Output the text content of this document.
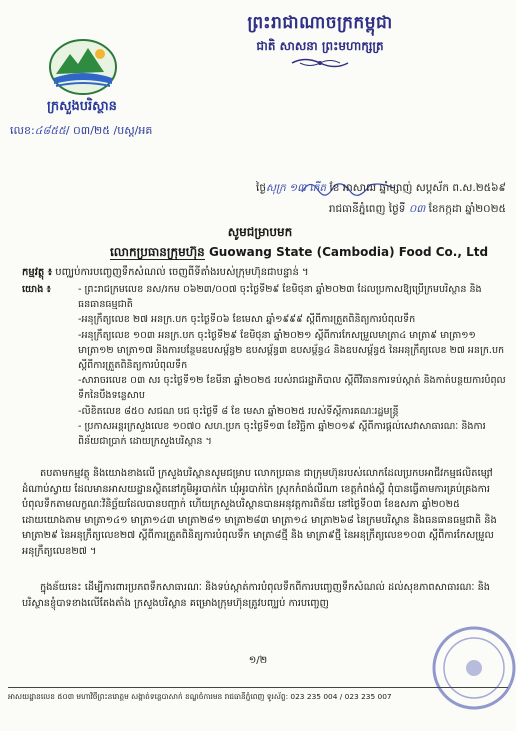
ព្រះរាជាណាចក្រកម្ពុជា
ជាតិ សាសនា ព្រះមហាក្សត្រ
ក្រសួងបរិស្ថាន
លេខ:៤៨៥៥/ ០៣/២៥ /បស្ត/អគ
ថ្ងៃសុក្រ ១៣ កើត ខែ អាសាឍ ឆ្នាំម្សាញ់ សប្តស័ក ព.ស.២៥៦៩
រាជធានីភ្នំពេញ ថ្ងៃទី ០៣ ខែកក្កដា ឆ្នាំ២០២៥
សូមជម្រាបមក
លោកប្រធានក្រុមហ៊ុន Guowang State (Cambodia) Food Co., Ltd
កម្មវត្ថុ ៖ បញ្ឈប់ការបញ្ចេញទឹកសំណល់ ចេញពីទីតាំងរបស់ក្រុមហ៊ុនជាបន្ទាន់ ។
យោង ៖	- ព្រះរាជក្រមលេខ នស/រកម ០៦២៣/០០៧ ចុះថ្ងៃទី២៩ ខែមិថុនា ឆ្នាំ២០២៣ ដែលប្រកាសឱ្យប្រើក្រមបរិស្ថាន និងធនធានធម្មជាតិ
-អនុក្រឹត្យលេខ ២៧ អនក្រ.បក ចុះថ្ងៃទី០៦ ខែមេសា ឆ្នាំ១៩៩៩ ស្តីពីការត្រួតពិនិត្យការបំពុលទឹក
-អនុក្រឹត្យលេខ ១០៣ អនក្រ.បក ចុះថ្ងៃទី២៩ ខែមិថុនា ឆ្នាំ២០២១ ស្តីពីការកែសម្រួលមាត្រា៤ មាត្រា៩ មាត្រា១១ មាត្រា១២ មាត្រា១៧ និងការបន្ថែមឧបសម្ព័ន្ធ២ ឧបសម្ព័ន្ធ៣ ឧបសម្ព័ន្ធ៤ និងឧបសម្ព័ន្ធ៥ នៃអនុក្រឹត្យលេខ ២៧ អនក្រ.បក ស្តីពីការត្រួតពិនិត្យការបំពុលទឹក
-សារាចរលេខ ០៣ សរ ចុះថ្ងៃទី១២ ខែមីនា ឆ្នាំ២០២៥ របស់រាជរដ្ឋាភិបាល ស្តីពីវិធានការទប់ស្កាត់ និងកាត់បន្ថយការបំពុលទឹកនៃបឹងទន្លេសាប
-លិខិតលេខ ៨៥០ សជណ បជ ចុះថ្ងៃទី ៨ ខែ មេសា ឆ្នាំ២០២៥ របស់ទីស្តីការគណៈរដ្ឋមន្ត្រី
- ប្រកាសអន្តរក្រសួងលេខ ១០៧០ សហ.ប្រក ចុះថ្ងៃទី១៣ ខែវិច្ឆិកា ឆ្នាំ២០១៩ ស្តីពីការផ្តល់សេវាសាធារណៈ និងការពិន័យជាប្រាក់ ដោយក្រសួងបរិស្ថាន ។
តបតាមកម្មវត្ថុ និងយោងខាងលើ ក្រសួងបរិស្ថានសូមជម្រាប លោកប្រធាន ជាក្រុមហ៊ុនរបស់លោកដែលប្រកបអាជីវកម្មផលិតម្សៅ ដំណាប់ស្វាយ ដែលមានអាសយដ្ឋានស្ថិតនៅភូមិអូរបាក់កៃ ឃុំអូរបាក់កៃ ស្រុកកំពង់លីណា ខេត្តកំពង់ស្ពឺ ពុំបានធ្វើតាមការគ្រប់គ្រងការបំពុលទឹកតាមលក្ខណៈវិនិច្ឆ័យដែលបានបញ្ជាក់ ហើយក្រសួងបរិស្ថានបានអនុវត្តការពិន័យ នៅថ្ងៃទី០៣ ខែឧសភា ឆ្នាំ២០២៥ ដោយយោងតាម មាត្រា១៤១ មាត្រា១៤៣ មាត្រា២៨១ មាត្រា២៨៣ មាត្រា១៤ មាត្រា២៦៨ នៃក្រមបរិស្ថាន និងធនធានធម្មជាតិ និងមាត្រា២៩ នៃអនុក្រឹត្យលេខ២៧ ស្តីពីការត្រួតពិនិត្យការបំពុលទឹក មាត្រា៨ថ្មី និង មាត្រា៩ថ្មី នៃអនុក្រឹត្យលេខ១០៣ ស្តីពីការកែសម្រួលអនុក្រឹត្យលេខ២៧ ។
ក្នុងន័យនេះ ដើម្បីការពារប្រភពទឹកសាធារណៈ និងទប់ស្កាត់ការបំពុលទឹកពីការបញ្ចេញទឹកសំណល់ ដល់សុខភាពសាធារណៈ និងបរិស្ថានខ្ញុំបាទខាងលើតែងតាំង ក្រសួងបរិស្ថាន គម្រោងក្រុមហ៊ុនត្រូវបញ្ឈប់ ការបញ្ចេញ
១/២
អាសយដ្ឋានលេខ ៥០៣ មហាវិថីព្រះនរោត្តម សង្កាត់ទន្លេបាសាក់ ខណ្ឌចំការមន រាជធានីភ្នំពេញ ទូរស័ព្ទ: 023 235 004 / 023 235 007
